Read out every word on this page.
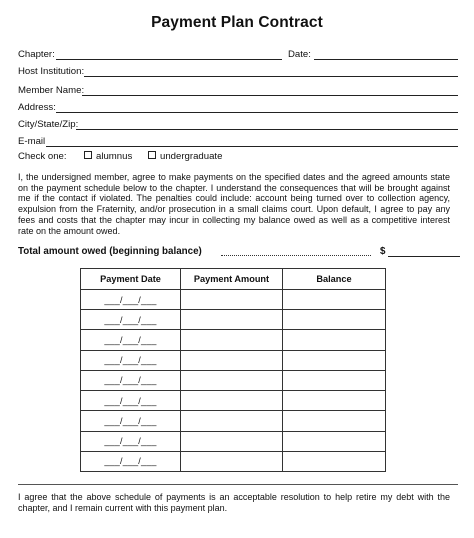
Payment Plan Contract
Chapter:	Date:
Host Institution:
Member Name:
Address:
City/State/Zip:
E-mail
Check one:	alumnus	undergraduate
I, the undersigned member, agree to make payments on the specified dates and the agreed amounts state on the payment schedule below to the chapter. I understand the consequences that will be brought against me if the contact if violated. The penalties could include: account being turned over to collection agency, expulsion from the Fraternity, and/or prosecution in a small claims court. Upon default, I agree to pay any fees and costs that the chapter may incur in collecting my balance owed as well as a competitive interest rate on the amount owed.
Total amount owed (beginning balance)	$
Payment Date	Payment Amount	Balance
___/___/___		
___/___/___		
___/___/___		
___/___/___		
___/___/___		
___/___/___		
___/___/___		
___/___/___		
___/___/___		
I agree that the above schedule of payments is an acceptable resolution to help retire my debt with the chapter, and I remain current with this payment plan.
